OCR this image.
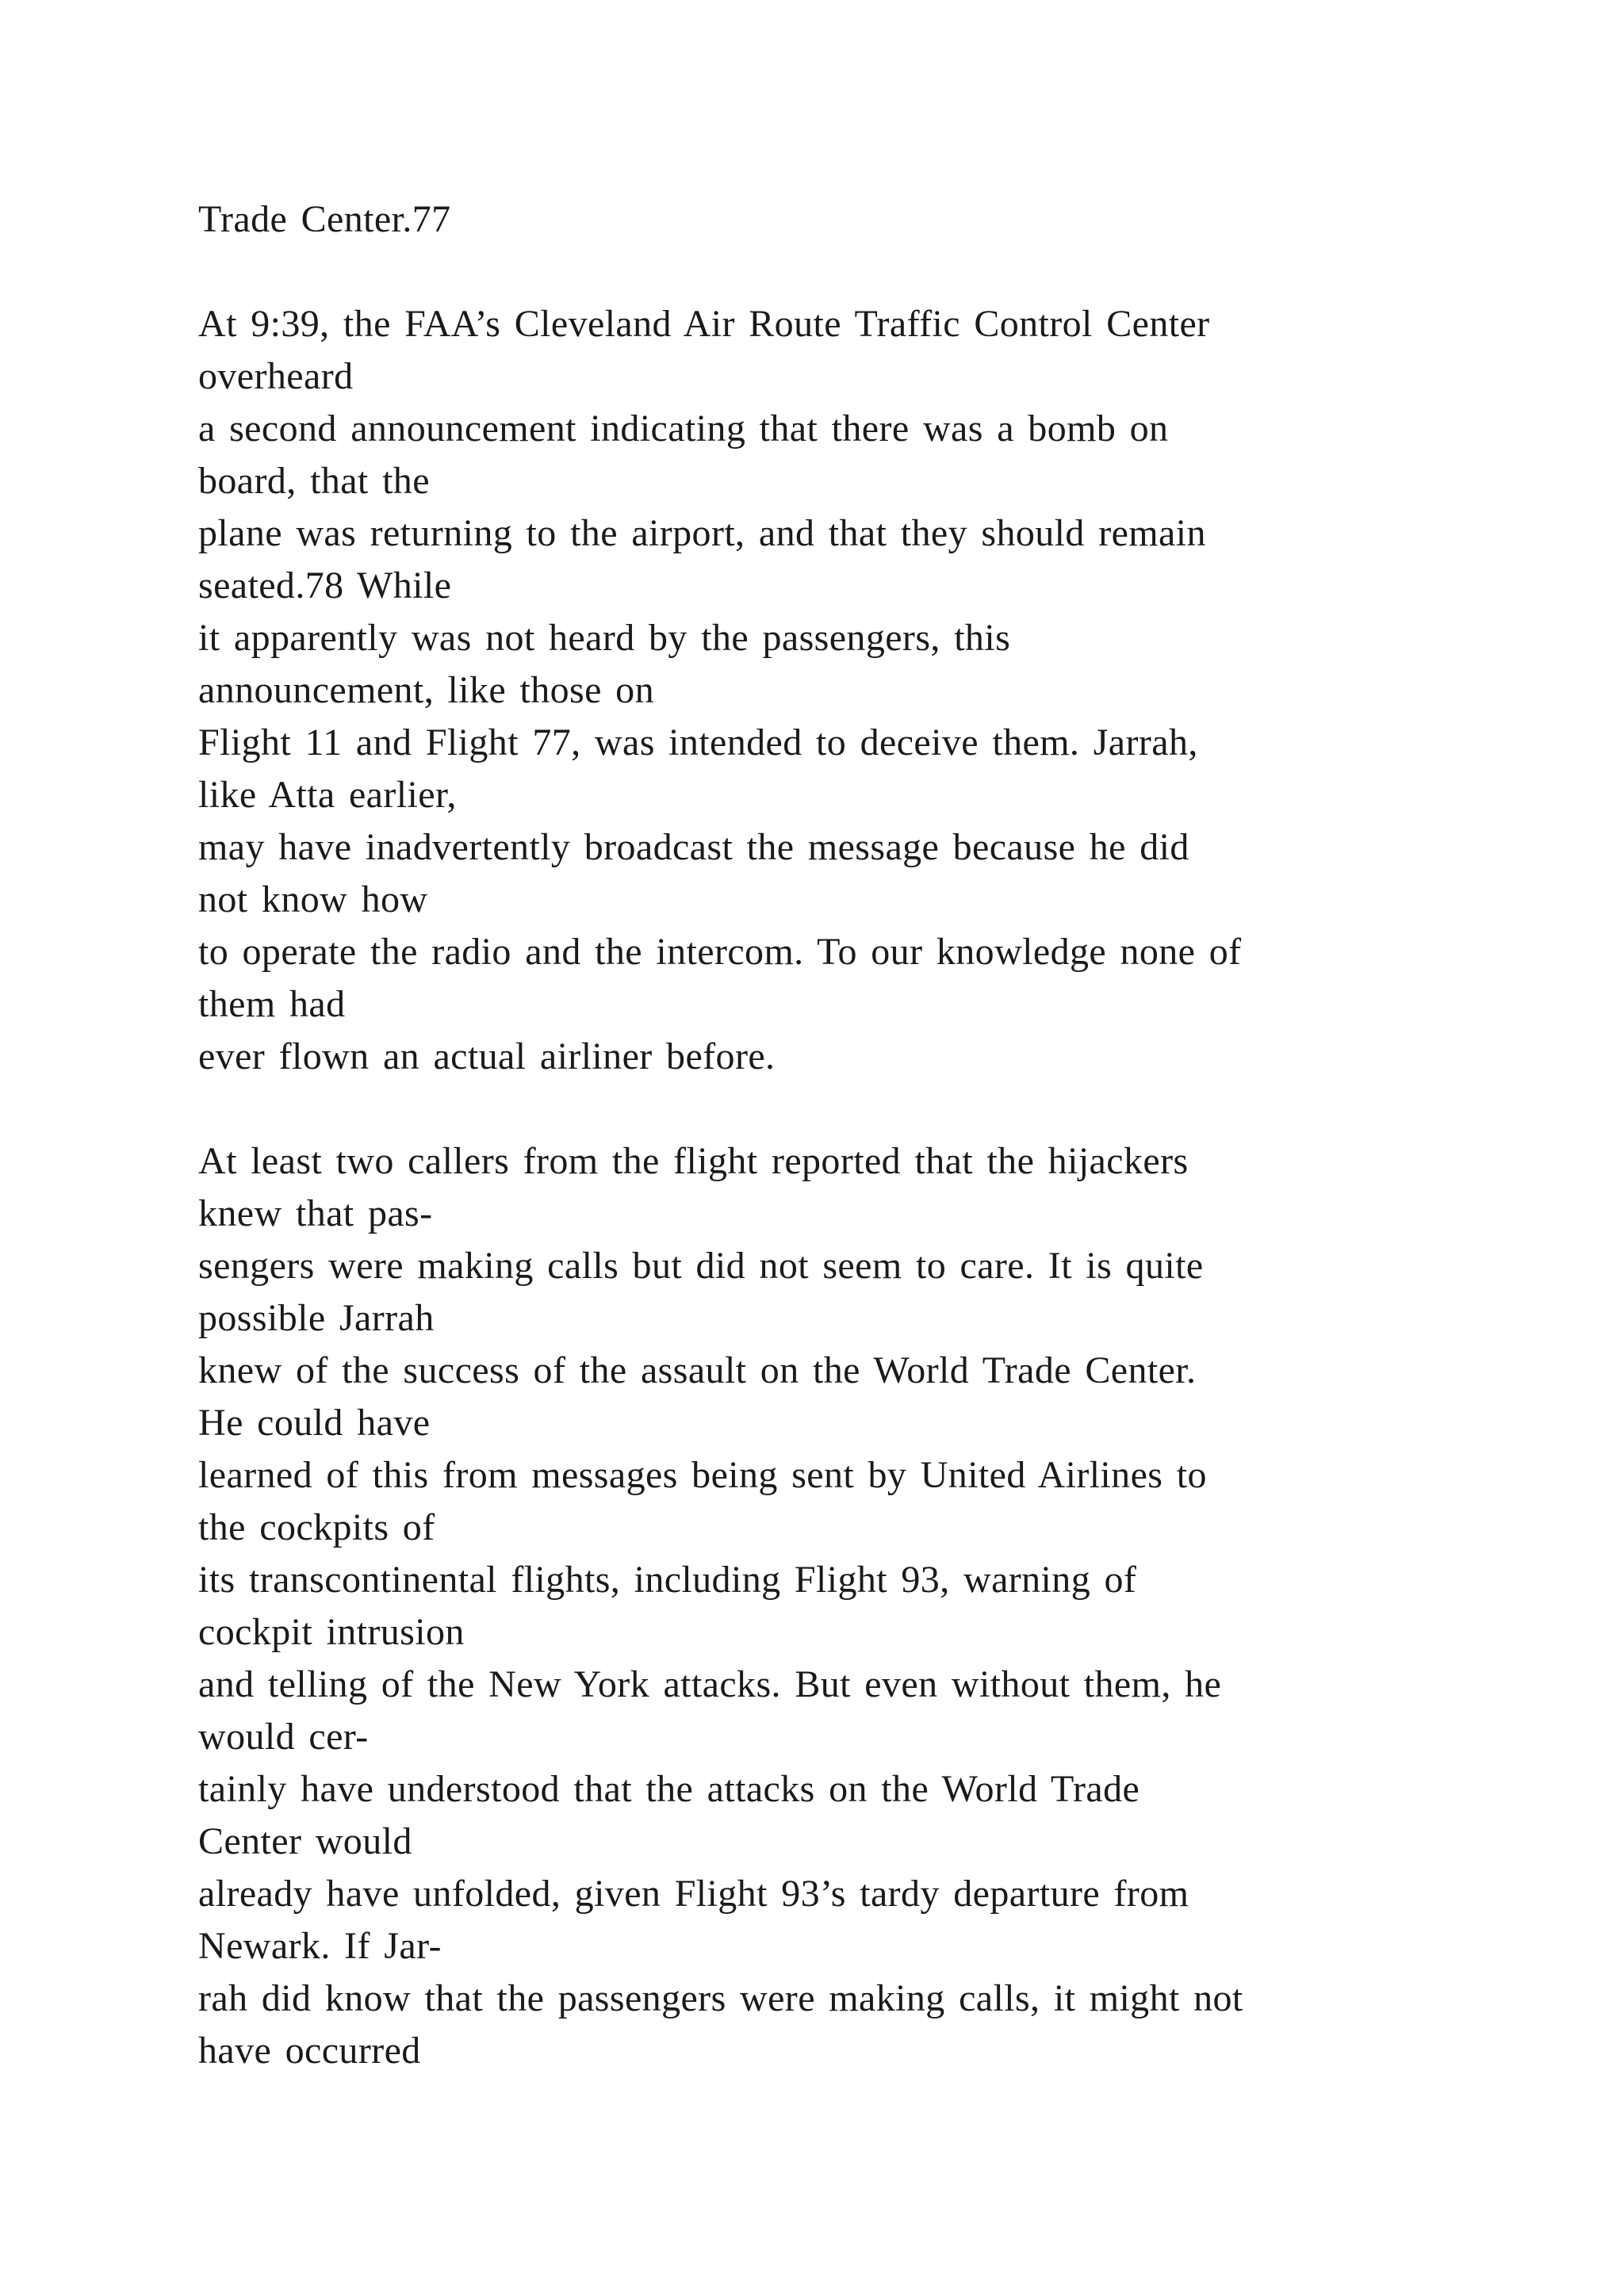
Trade Center.77
At 9:39, the FAA’s Cleveland Air Route Traffic Control Center
overheard
a second announcement indicating that there was a bomb on
board, that the
plane was returning to the airport, and that they should remain
seated.78 While
it apparently was not heard by the passengers, this
announcement, like those on
Flight 11 and Flight 77, was intended to deceive them. Jarrah,
like Atta earlier,
may have inadvertently broadcast the message because he did
not know how
to operate the radio and the intercom. To our knowledge none of
them had
ever flown an actual airliner before.
At least two callers from the flight reported that the hijackers
knew that pas-
sengers were making calls but did not seem to care. It is quite
possible Jarrah
knew of the success of the assault on the World Trade Center.
He could have
learned of this from messages being sent by United Airlines to
the cockpits of
its transcontinental flights, including Flight 93, warning of
cockpit intrusion
and telling of the New York attacks. But even without them, he
would cer-
tainly have understood that the attacks on the World Trade
Center would
already have unfolded, given Flight 93’s tardy departure from
Newark. If Jar-
rah did know that the passengers were making calls, it might not
have occurred
